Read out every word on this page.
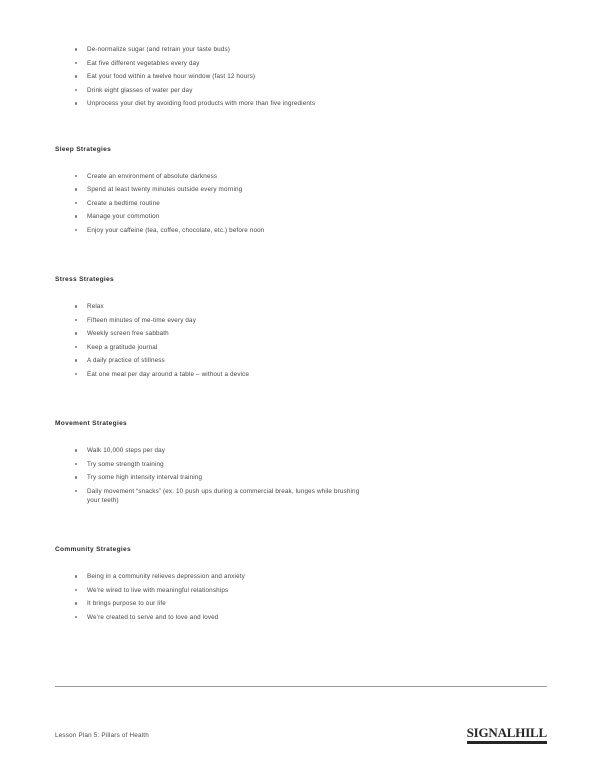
De-normalize sugar (and retrain your taste buds)
Eat five different vegetables every day
Eat your food within a twelve hour window (fast 12 hours)
Drink eight glasses of water per day
Unprocess your diet by avoiding food products with more than five ingredients
Sleep Strategies
Create an environment of absolute darkness
Spend at least twenty minutes outside every morning
Create a bedtime routine
Manage your commotion
Enjoy your caffeine (tea, coffee, chocolate, etc.) before noon
Stress Strategies
Relax
Fifteen minutes of me-time every day
Weekly screen free sabbath
Keep a gratitude journal
A daily practice of stillness
Eat one meal per day around a table – without a device
Movement Strategies
Walk 10,000 steps per day
Try some strength training
Try some high intensity interval training
Daily movement “snacks” (ex. 10 push ups during a commercial break, lunges while brushing
your teeth)
Community Strategies
Being in a community relieves depression and anxiety
We’re wired to live with meaningful relationships
It brings purpose to our life
We’re created to serve and to love and loved
Lesson Plan 5: Pillars of Health	SIGNALHILL
